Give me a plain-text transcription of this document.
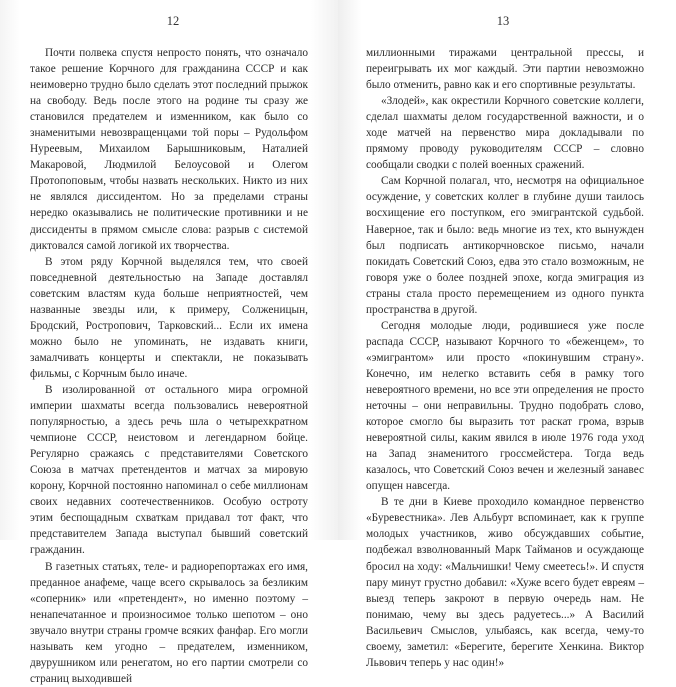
12

Почти полвека спустя непросто понять, что означало такое решение Корчного для гражданина СССР и как неимоверно трудно было сделать этот последний прыжок на свободу. Ведь после этого на родине ты сразу же становился предателем и изменником, как было со знаменитыми невозвращенцами той поры – Рудольфом Нуреевым, Михаилом Барышниковым, Наталией Макаровой, Людмилой Белоусовой и Олегом Протопоповым, чтобы назвать нескольких. Никто из них не являлся диссидентом. Но за пределами страны нередко оказывались не политические противники и не диссиденты в прямом смысле слова: разрыв с системой диктовался самой логикой их творчества.

В этом ряду Корчной выделялся тем, что своей повседневной деятельностью на Западе доставлял советским властям куда больше неприятностей, чем названные звезды или, к примеру, Солженицын, Бродский, Ростропович, Тарковский... Если их имена можно было не упоминать, не издавать книги, замалчивать концерты и спектакли, не показывать фильмы, с Корчным было иначе.

В изолированной от остального мира огромной империи шахматы всегда пользовались невероятной популярностью, а здесь речь шла о четырехкратном чемпионе СССР, неистовом и легендарном бойце. Регулярно сражаясь с представителями Советского Союза в матчах претендентов и матчах за мировую корону, Корчной постоянно напоминал о себе миллионам своих недавних соотечественников. Особую остроту этим беспощадным схваткам придавал тот факт, что представителем Запада выступал бывший советский гражданин.

В газетных статьях, теле- и радиорепортажах его имя, преданное анафеме, чаще всего скрывалось за безликим «соперник» или «претендент», но именно поэтому – ненапечатанное и произносимое только шепотом – оно звучало внутри страны громче всяких фанфар. Его могли называть кем угодно – предателем, изменником, двурушником или ренегатом, но его партии смотрели со страниц выходившей

13

миллионными тиражами центральной прессы, и переигрывать их мог каждый. Эти партии невозможно было отменить, равно как и его спортивные результаты.

«Злодей», как окрестили Корчного советские коллеги, сделал шахматы делом государственной важности, и о ходе матчей на первенство мира докладывали по прямому проводу руководителям СССР – словно сообщали сводки с полей военных сражений.

Сам Корчной полагал, что, несмотря на официальное осуждение, у советских коллег в глубине души таилось восхищение его поступком, его эмигрантской судьбой. Наверное, так и было: ведь многие из тех, кто вынужден был подписать антикорчновское письмо, начали покидать Советский Союз, едва это стало возможным, не говоря уже о более поздней эпохе, когда эмиграция из страны стала просто перемещением из одного пункта пространства в другой.

Сегодня молодые люди, родившиеся уже после распада СССР, называют Корчного то «беженцем», то «эмигрантом» или просто «покинувшим страну». Конечно, им нелегко вставить себя в рамку того невероятного времени, но все эти определения не просто неточны – они неправильны. Трудно подобрать слово, которое смогло бы выразить тот раскат грома, взрыв невероятной силы, каким явился в июле 1976 года уход на Запад знаменитого гроссмейстера. Тогда ведь казалось, что Советский Союз вечен и железный занавес опущен навсегда.

В те дни в Киеве проходило командное первенство «Буревестника». Лев Альбурт вспоминает, как к группе молодых участников, живо обсуждавших событие, подбежал взволнованный Марк Тайманов и осуждающе бросил на ходу: «Мальчишки! Чему смеетесь!». И спустя пару минут грустно добавил: «Хуже всего будет евреям – выезд теперь закроют в первую очередь нам. Не понимаю, чему вы здесь радуетесь...» А Василий Васильевич Смыслов, улыбаясь, как всегда, чему-то своему, заметил: «Берегите, берегите Хенкина. Виктор Львович теперь у нас один!»
